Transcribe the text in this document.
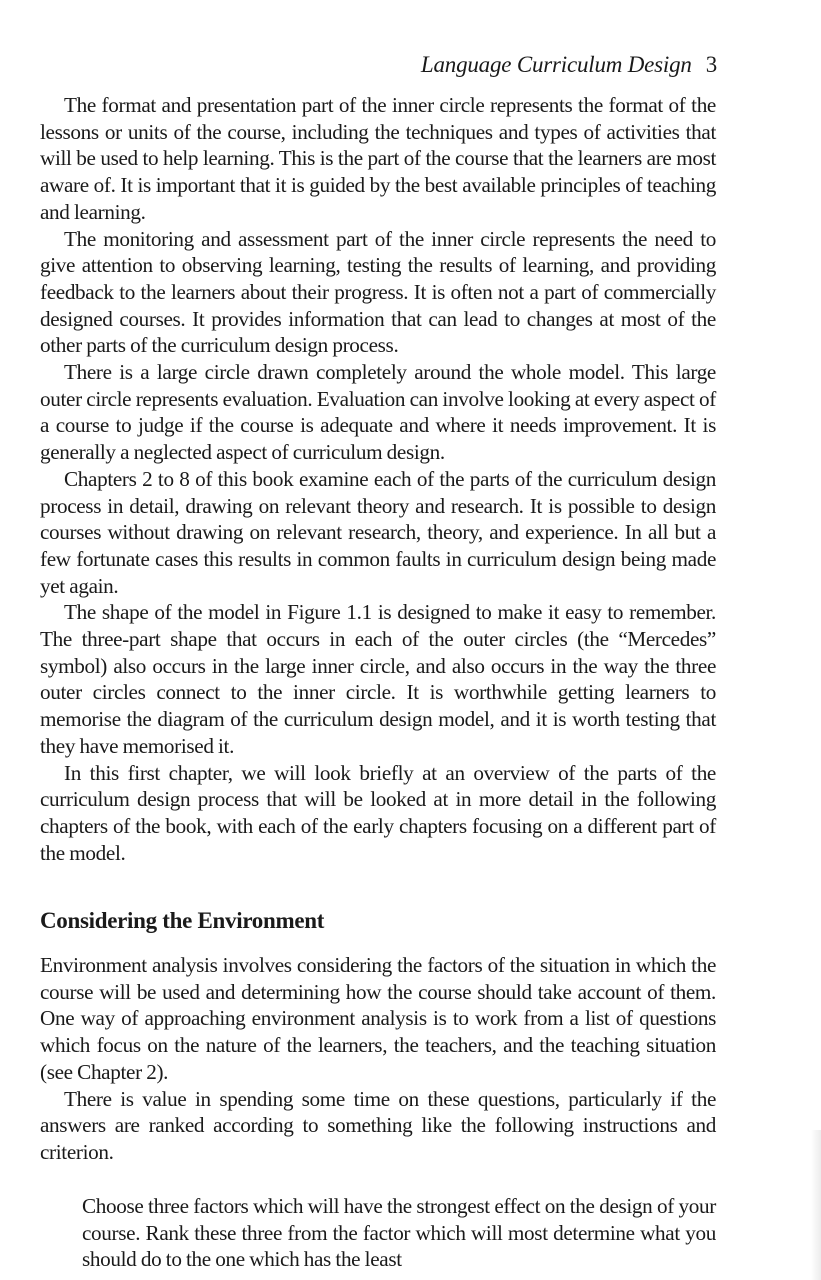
Language Curriculum Design 3

The format and presentation part of the inner circle represents the format of the lessons or units of the course, including the techniques and types of activities that will be used to help learning. This is the part of the course that the learners are most aware of. It is important that it is guided by the best available principles of teaching and learning.

The monitoring and assessment part of the inner circle represents the need to give attention to observing learning, testing the results of learning, and providing feedback to the learners about their progress. It is often not a part of commercially designed courses. It provides information that can lead to changes at most of the other parts of the curriculum design process.

There is a large circle drawn completely around the whole model. This large outer circle represents evaluation. Evaluation can involve looking at every aspect of a course to judge if the course is adequate and where it needs improvement. It is generally a neglected aspect of curriculum design.

Chapters 2 to 8 of this book examine each of the parts of the curriculum design process in detail, drawing on relevant theory and research. It is possible to design courses without drawing on relevant research, theory, and experience. In all but a few fortunate cases this results in common faults in curriculum design being made yet again.

The shape of the model in Figure 1.1 is designed to make it easy to remember. The three-part shape that occurs in each of the outer circles (the “Mercedes” symbol) also occurs in the large inner circle, and also occurs in the way the three outer circles connect to the inner circle. It is worthwhile getting learners to memorise the diagram of the curriculum design model, and it is worth testing that they have memorised it.

In this first chapter, we will look briefly at an overview of the parts of the curriculum design process that will be looked at in more detail in the following chapters of the book, with each of the early chapters focusing on a different part of the model.

Considering the Environment

Environment analysis involves considering the factors of the situation in which the course will be used and determining how the course should take account of them. One way of approaching environment analysis is to work from a list of questions which focus on the nature of the learners, the teachers, and the teaching situation (see Chapter 2).

There is value in spending some time on these questions, particularly if the answers are ranked according to something like the following instructions and criterion.

Choose three factors which will have the strongest effect on the design of your course. Rank these three from the factor which will most determine what you should do to the one which has the least
